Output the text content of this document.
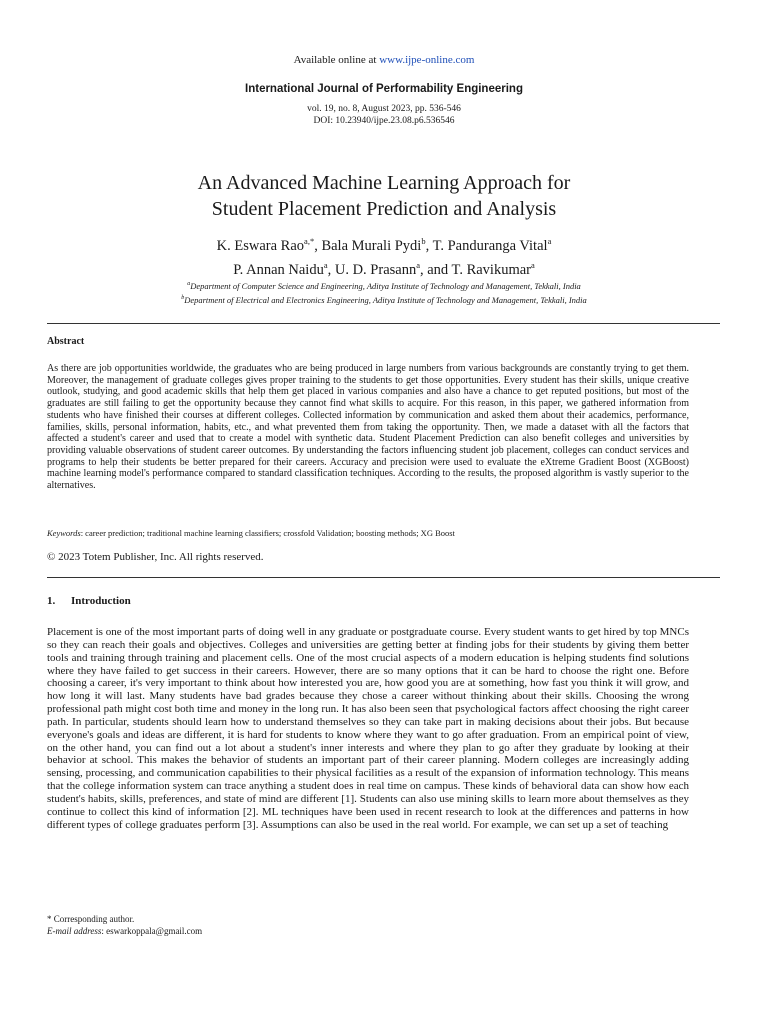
Available online at www.ijpe-online.com
International Journal of Performability Engineering
vol. 19, no. 8, August 2023, pp. 536-546
DOI: 10.23940/ijpe.23.08.p6.536546
An Advanced Machine Learning Approach for
Student Placement Prediction and Analysis
K. Eswara Rao$^{a,*}$, Bala Murali Pydi$^b$, T. Panduranga Vital$^a$
P. Annan Naidu$^a$, U. D. Prasann$^a$, and T. Ravikumar$^a$
$^a$Department of Computer Science and Engineering, Aditya Institute of Technology and Management, Tekkali, India
$^b$Department of Electrical and Electronics Engineering, Aditya Institute of Technology and Management, Tekkali, India
Abstract
As there are job opportunities worldwide, the graduates who are being produced in large numbers from various backgrounds are constantly trying to get them. Moreover, the management of graduate colleges gives proper training to the students to get those opportunities. Every student has their skills, unique creative outlook, studying, and good academic skills that help them get placed in various companies and also have a chance to get reputed positions, but most of the graduates are still failing to get the opportunity because they cannot find what skills to acquire. For this reason, in this paper, we gathered information from students who have finished their courses at different colleges. Collected information by communication and asked them about their academics, performance, families, skills, personal information, habits, etc., and what prevented them from taking the opportunity. Then, we made a dataset with all the factors that affected a student's career and used that to create a model with synthetic data. Student Placement Prediction can also benefit colleges and universities by providing valuable observations of student career outcomes. By understanding the factors influencing student job placement, colleges can conduct services and programs to help their students be better prepared for their careers. Accuracy and precision were used to evaluate the eXtreme Gradient Boost (XGBoost) machine learning model's performance compared to standard classification techniques. According to the results, the proposed algorithm is vastly superior to the alternatives.
Keywords: career prediction; traditional machine learning classifiers; crossfold Validation; boosting methods; XG Boost
© 2023 Totem Publisher, Inc. All rights reserved.
1. Introduction
Placement is one of the most important parts of doing well in any graduate or postgraduate course. Every student wants to get hired by top MNCs so they can reach their goals and objectives. Colleges and universities are getting better at finding jobs for their students by giving them better tools and training through training and placement cells. One of the most crucial aspects of a modern education is helping students find solutions where they have failed to get success in their careers. However, there are so many options that it can be hard to choose the right one. Before choosing a career, it's very important to think about how interested you are, how good you are at something, how fast you think it will grow, and how long it will last. Many students have bad grades because they chose a career without thinking about their skills. Choosing the wrong professional path might cost both time and money in the long run. It has also been seen that psychological factors affect choosing the right career path. In particular, students should learn how to understand themselves so they can take part in making decisions about their jobs. But because everyone's goals and ideas are different, it is hard for students to know where they want to go after graduation. From an empirical point of view, on the other hand, you can find out a lot about a student's inner interests and where they plan to go after they graduate by looking at their behavior at school. This makes the behavior of students an important part of their career planning. Modern colleges are increasingly adding sensing, processing, and communication capabilities to their physical facilities as a result of the expansion of information technology. This means that the college information system can trace anything a student does in real time on campus. These kinds of behavioral data can show how each student's habits, skills, preferences, and state of mind are different [1]. Students can also use mining skills to learn more about themselves as they continue to collect this kind of information [2]. ML techniques have been used in recent research to look at the differences and patterns in how different types of college graduates perform [3]. Assumptions can also be used in the real world. For example, we can set up a set of teaching
* Corresponding author.
E-mail address: eswarkoppala@gmail.com
